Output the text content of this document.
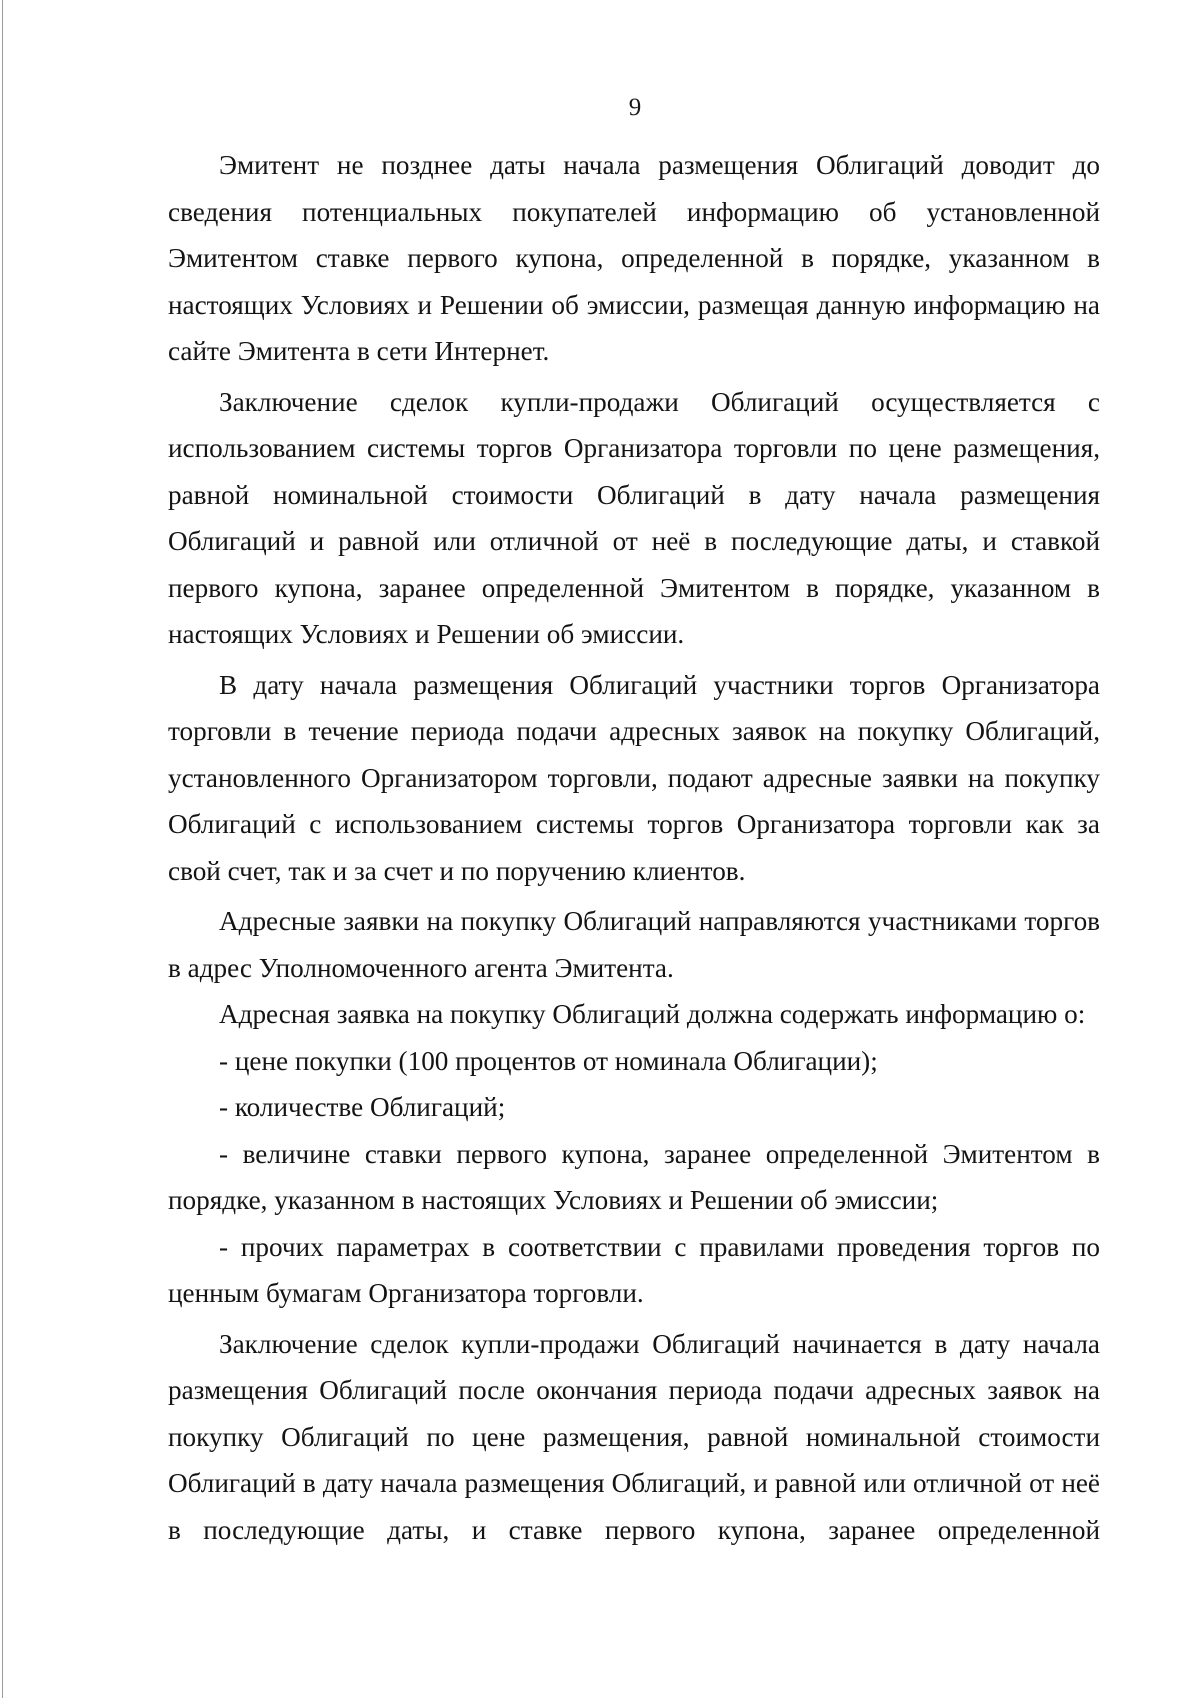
9

Эмитент не позднее даты начала размещения Облигаций доводит до сведения потенциальных покупателей информацию об установленной Эмитентом ставке первого купона, определенной в порядке, указанном в настоящих Условиях и Решении об эмиссии, размещая данную информацию на сайте Эмитента в сети Интернет.

Заключение сделок купли-продажи Облигаций осуществляется с использованием системы торгов Организатора торговли по цене размещения, равной номинальной стоимости Облигаций в дату начала размещения Облигаций и равной или отличной от неё в последующие даты, и ставкой первого купона, заранее определенной Эмитентом в порядке, указанном в настоящих Условиях и Решении об эмиссии.

В дату начала размещения Облигаций участники торгов Организатора торговли в течение периода подачи адресных заявок на покупку Облигаций, установленного Организатором торговли, подают адресные заявки на покупку Облигаций с использованием системы торгов Организатора торговли как за свой счет, так и за счет и по поручению клиентов.

Адресные заявки на покупку Облигаций направляются участниками торгов в адрес Уполномоченного агента Эмитента.

Адресная заявка на покупку Облигаций должна содержать информацию о:

- цене покупки (100 процентов от номинала Облигации);

- количестве Облигаций;

- величине ставки первого купона, заранее определенной Эмитентом в порядке, указанном в настоящих Условиях и Решении об эмиссии;

- прочих параметрах в соответствии с правилами проведения торгов по ценным бумагам Организатора торговли.

Заключение сделок купли-продажи Облигаций начинается в дату начала размещения Облигаций после окончания периода подачи адресных заявок на покупку Облигаций по цене размещения, равной номинальной стоимости Облигаций в дату начала размещения Облигаций, и равной или отличной от неё в последующие даты, и ставке первого купона, заранее определенной
